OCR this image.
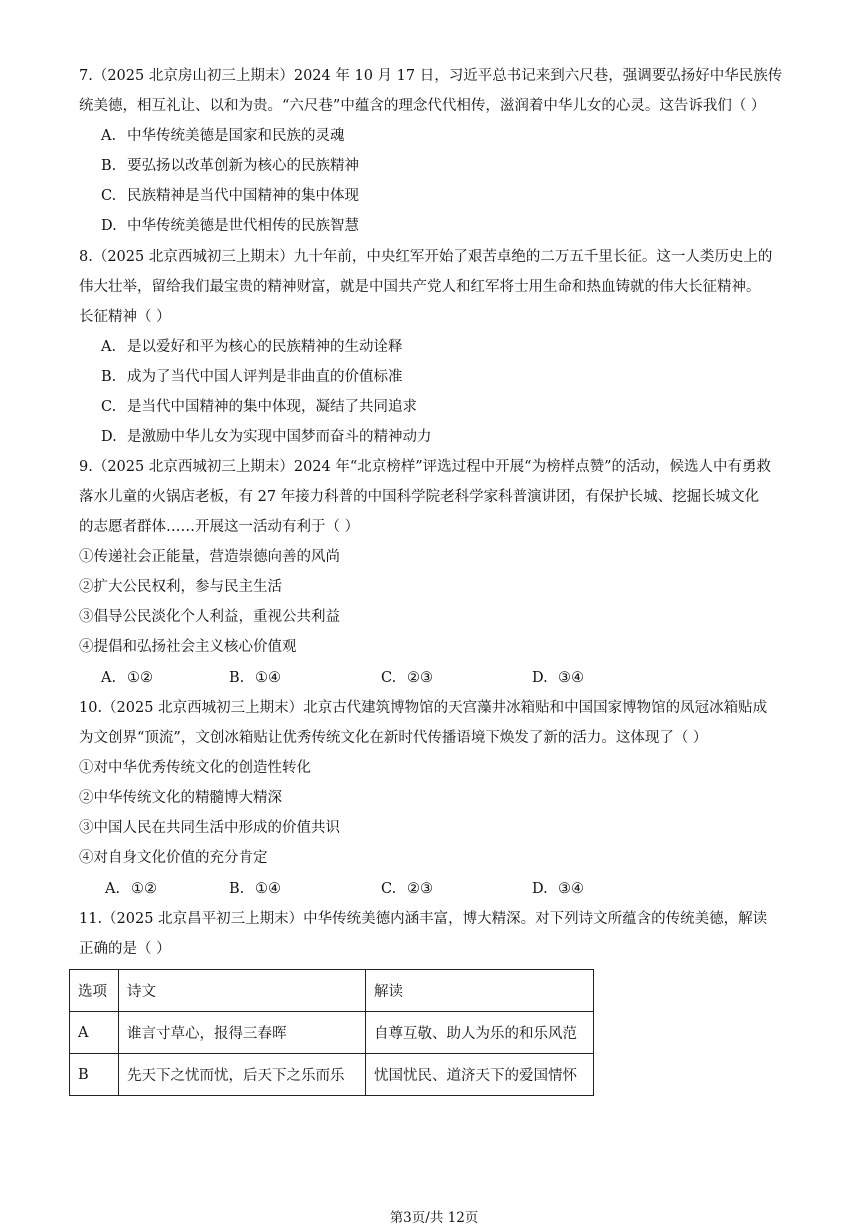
7.（2025 北京房山初三上期末）2024 年 10 月 17 日，习近平总书记来到六尺巷，强调要弘扬好中华民族传
统美德，相互礼让、以和为贵。“六尺巷”中蕴含的理念代代相传，滋润着中华儿女的心灵。这告诉我们（ ）
A. 中华传统美德是国家和民族的灵魂
B. 要弘扬以改革创新为核心的民族精神
C. 民族精神是当代中国精神的集中体现
D. 中华传统美德是世代相传的民族智慧
8.（2025 北京西城初三上期末）九十年前，中央红军开始了艰苦卓绝的二万五千里长征。这一人类历史上的
伟大壮举，留给我们最宝贵的精神财富，就是中国共产党人和红军将士用生命和热血铸就的伟大长征精神。
长征精神（ ）
A. 是以爱好和平为核心的民族精神的生动诠释
B. 成为了当代中国人评判是非曲直的价值标准
C. 是当代中国精神的集中体现，凝结了共同追求
D. 是激励中华儿女为实现中国梦而奋斗的精神动力
9.（2025 北京西城初三上期末）2024 年“北京榜样”评选过程中开展“为榜样点赞”的活动，候选人中有勇救
落水儿童的火锅店老板，有 27 年接力科普的中国科学院老科学家科普演讲团，有保护长城、挖掘长城文化
的志愿者群体……开展这一活动有利于（ ）
①传递社会正能量，营造崇德向善的风尚
②扩大公民权利，参与民主生活
③倡导公民淡化个人利益，重视公共利益
④提倡和弘扬社会主义核心价值观
A. ①②	B. ①④	C. ②③	D. ③④
10.（2025 北京西城初三上期末）北京古代建筑博物馆的天宫藻井冰箱贴和中国国家博物馆的凤冠冰箱贴成
为文创界“顶流”，文创冰箱贴让优秀传统文化在新时代传播语境下焕发了新的活力。这体现了（ ）
①对中华优秀传统文化的创造性转化
②中华传统文化的精髓博大精深
③中国人民在共同生活中形成的价值共识
④对自身文化价值的充分肯定
A. ①②	B. ①④	C. ②③	D. ③④
11.（2025 北京昌平初三上期末）中华传统美德内涵丰富，博大精深。对下列诗文所蕴含的传统美德，解读
正确的是（ ）
选项	诗文	解读
A	谁言寸草心，报得三春晖	自尊互敬、助人为乐的和乐风范
B	先天下之忧而忧，后天下之乐而乐	忧国忧民、道济天下的爱国情怀
第3页/共 12页
